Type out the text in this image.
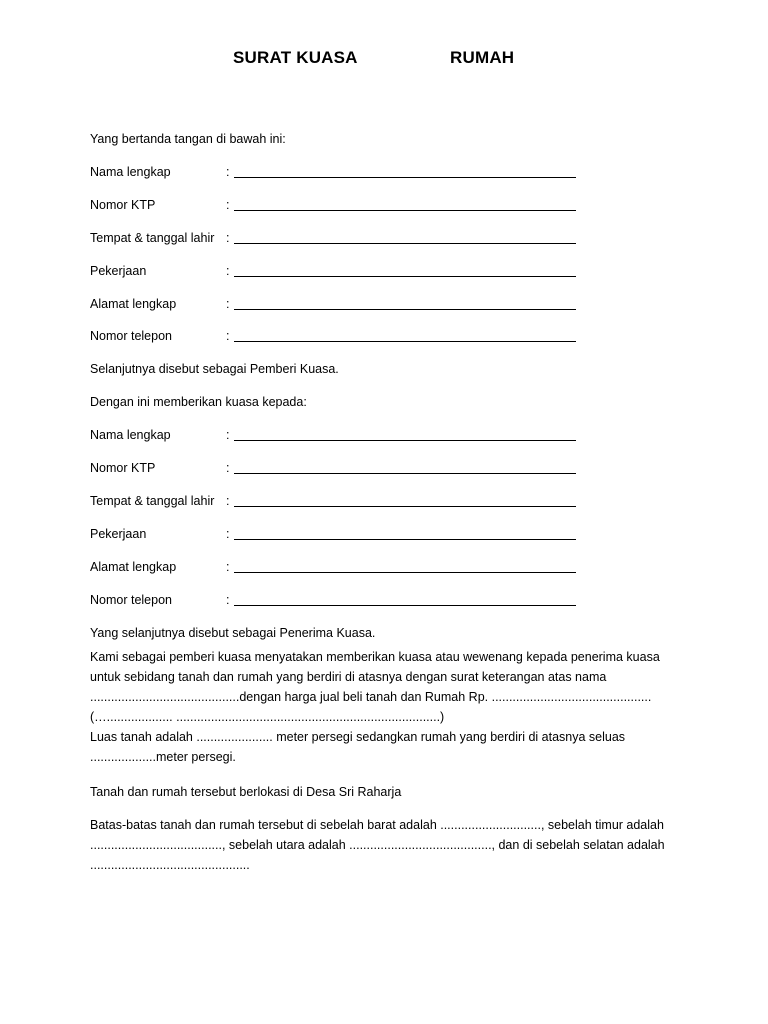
SURAT KUASA	RUMAH
Yang bertanda tangan di bawah ini:
Nama lengkap	:
Nomor KTP	:
Tempat & tanggal lahir :
Pekerjaan	:
Alamat lengkap	:
Nomor telepon	:
Selanjutnya disebut sebagai Pemberi Kuasa.
Dengan ini memberikan kuasa kepada:
Nama lengkap	:
Nomor KTP	:
Tempat & tanggal lahir :
Pekerjaan	:
Alamat lengkap	:
Nomor telepon	:
Yang selanjutnya disebut sebagai Penerima Kuasa.
Kami sebagai pemberi kuasa menyatakan memberikan kuasa atau wewenang kepada penerima kuasa
untuk sebidang tanah dan rumah yang berdiri di atasnya dengan surat keterangan atas nama
...........................................dengan harga jual beli tanah dan Rumah Rp. ..............................................
(…................... ............................................................................)
Luas tanah adalah ...................... meter persegi sedangkan rumah yang berdiri di atasnya seluas
...................meter persegi.
Tanah dan rumah tersebut berlokasi di Desa Sri Raharja
Batas-batas tanah dan rumah tersebut di sebelah barat adalah ............................., sebelah timur adalah
......................................, sebelah utara adalah ........................................., dan di sebelah selatan adalah
..............................................
